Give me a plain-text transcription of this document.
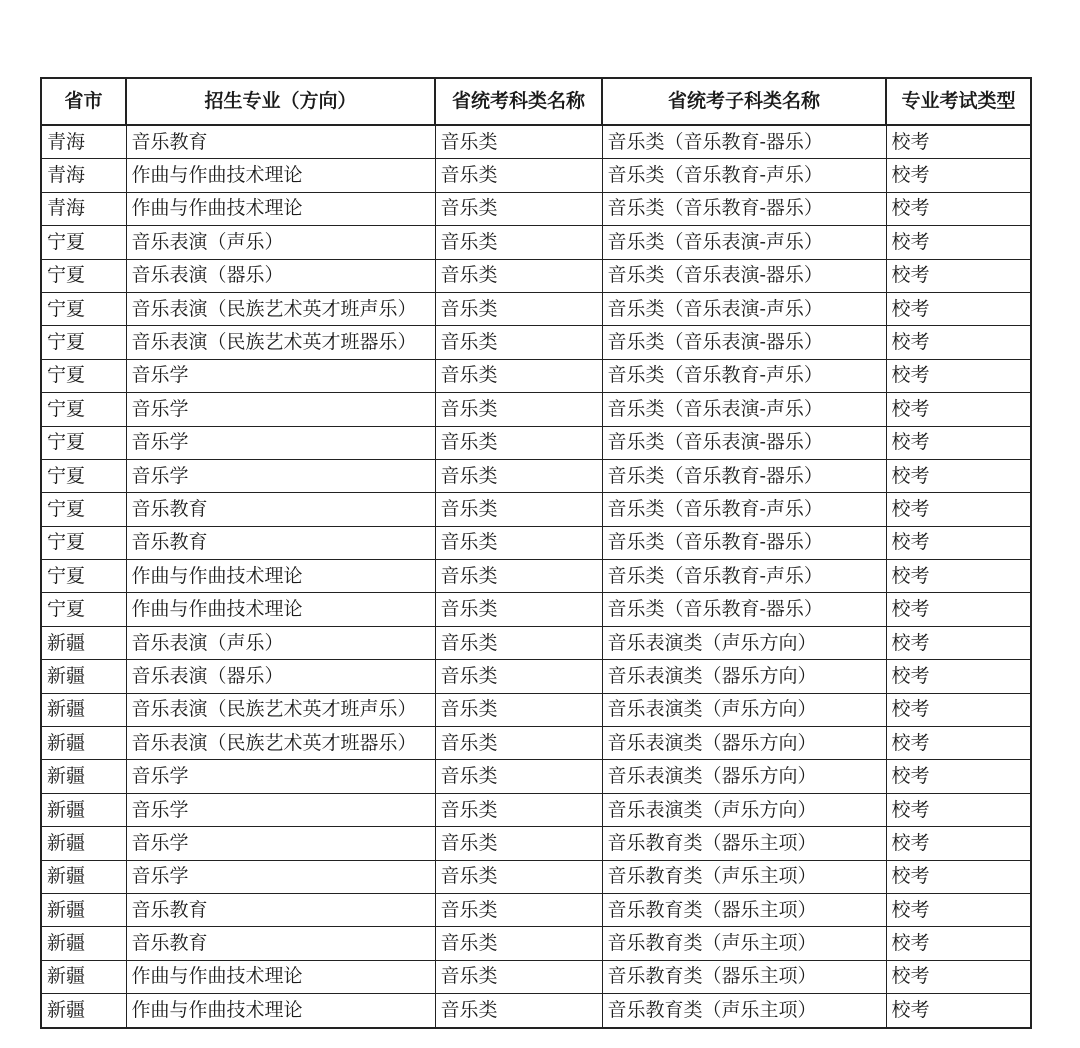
省市	招生专业（方向）	省统考科类名称	省统考子科类名称	专业考试类型
青海	音乐教育	音乐类	音乐类（音乐教育-器乐）	校考
青海	作曲与作曲技术理论	音乐类	音乐类（音乐教育-声乐）	校考
青海	作曲与作曲技术理论	音乐类	音乐类（音乐教育-器乐）	校考
宁夏	音乐表演（声乐）	音乐类	音乐类（音乐表演-声乐）	校考
宁夏	音乐表演（器乐）	音乐类	音乐类（音乐表演-器乐）	校考
宁夏	音乐表演（民族艺术英才班声乐）	音乐类	音乐类（音乐表演-声乐）	校考
宁夏	音乐表演（民族艺术英才班器乐）	音乐类	音乐类（音乐表演-器乐）	校考
宁夏	音乐学	音乐类	音乐类（音乐教育-声乐）	校考
宁夏	音乐学	音乐类	音乐类（音乐表演-声乐）	校考
宁夏	音乐学	音乐类	音乐类（音乐表演-器乐）	校考
宁夏	音乐学	音乐类	音乐类（音乐教育-器乐）	校考
宁夏	音乐教育	音乐类	音乐类（音乐教育-声乐）	校考
宁夏	音乐教育	音乐类	音乐类（音乐教育-器乐）	校考
宁夏	作曲与作曲技术理论	音乐类	音乐类（音乐教育-声乐）	校考
宁夏	作曲与作曲技术理论	音乐类	音乐类（音乐教育-器乐）	校考
新疆	音乐表演（声乐）	音乐类	音乐表演类（声乐方向）	校考
新疆	音乐表演（器乐）	音乐类	音乐表演类（器乐方向）	校考
新疆	音乐表演（民族艺术英才班声乐）	音乐类	音乐表演类（声乐方向）	校考
新疆	音乐表演（民族艺术英才班器乐）	音乐类	音乐表演类（器乐方向）	校考
新疆	音乐学	音乐类	音乐表演类（器乐方向）	校考
新疆	音乐学	音乐类	音乐表演类（声乐方向）	校考
新疆	音乐学	音乐类	音乐教育类（器乐主项）	校考
新疆	音乐学	音乐类	音乐教育类（声乐主项）	校考
新疆	音乐教育	音乐类	音乐教育类（器乐主项）	校考
新疆	音乐教育	音乐类	音乐教育类（声乐主项）	校考
新疆	作曲与作曲技术理论	音乐类	音乐教育类（器乐主项）	校考
新疆	作曲与作曲技术理论	音乐类	音乐教育类（声乐主项）	校考
